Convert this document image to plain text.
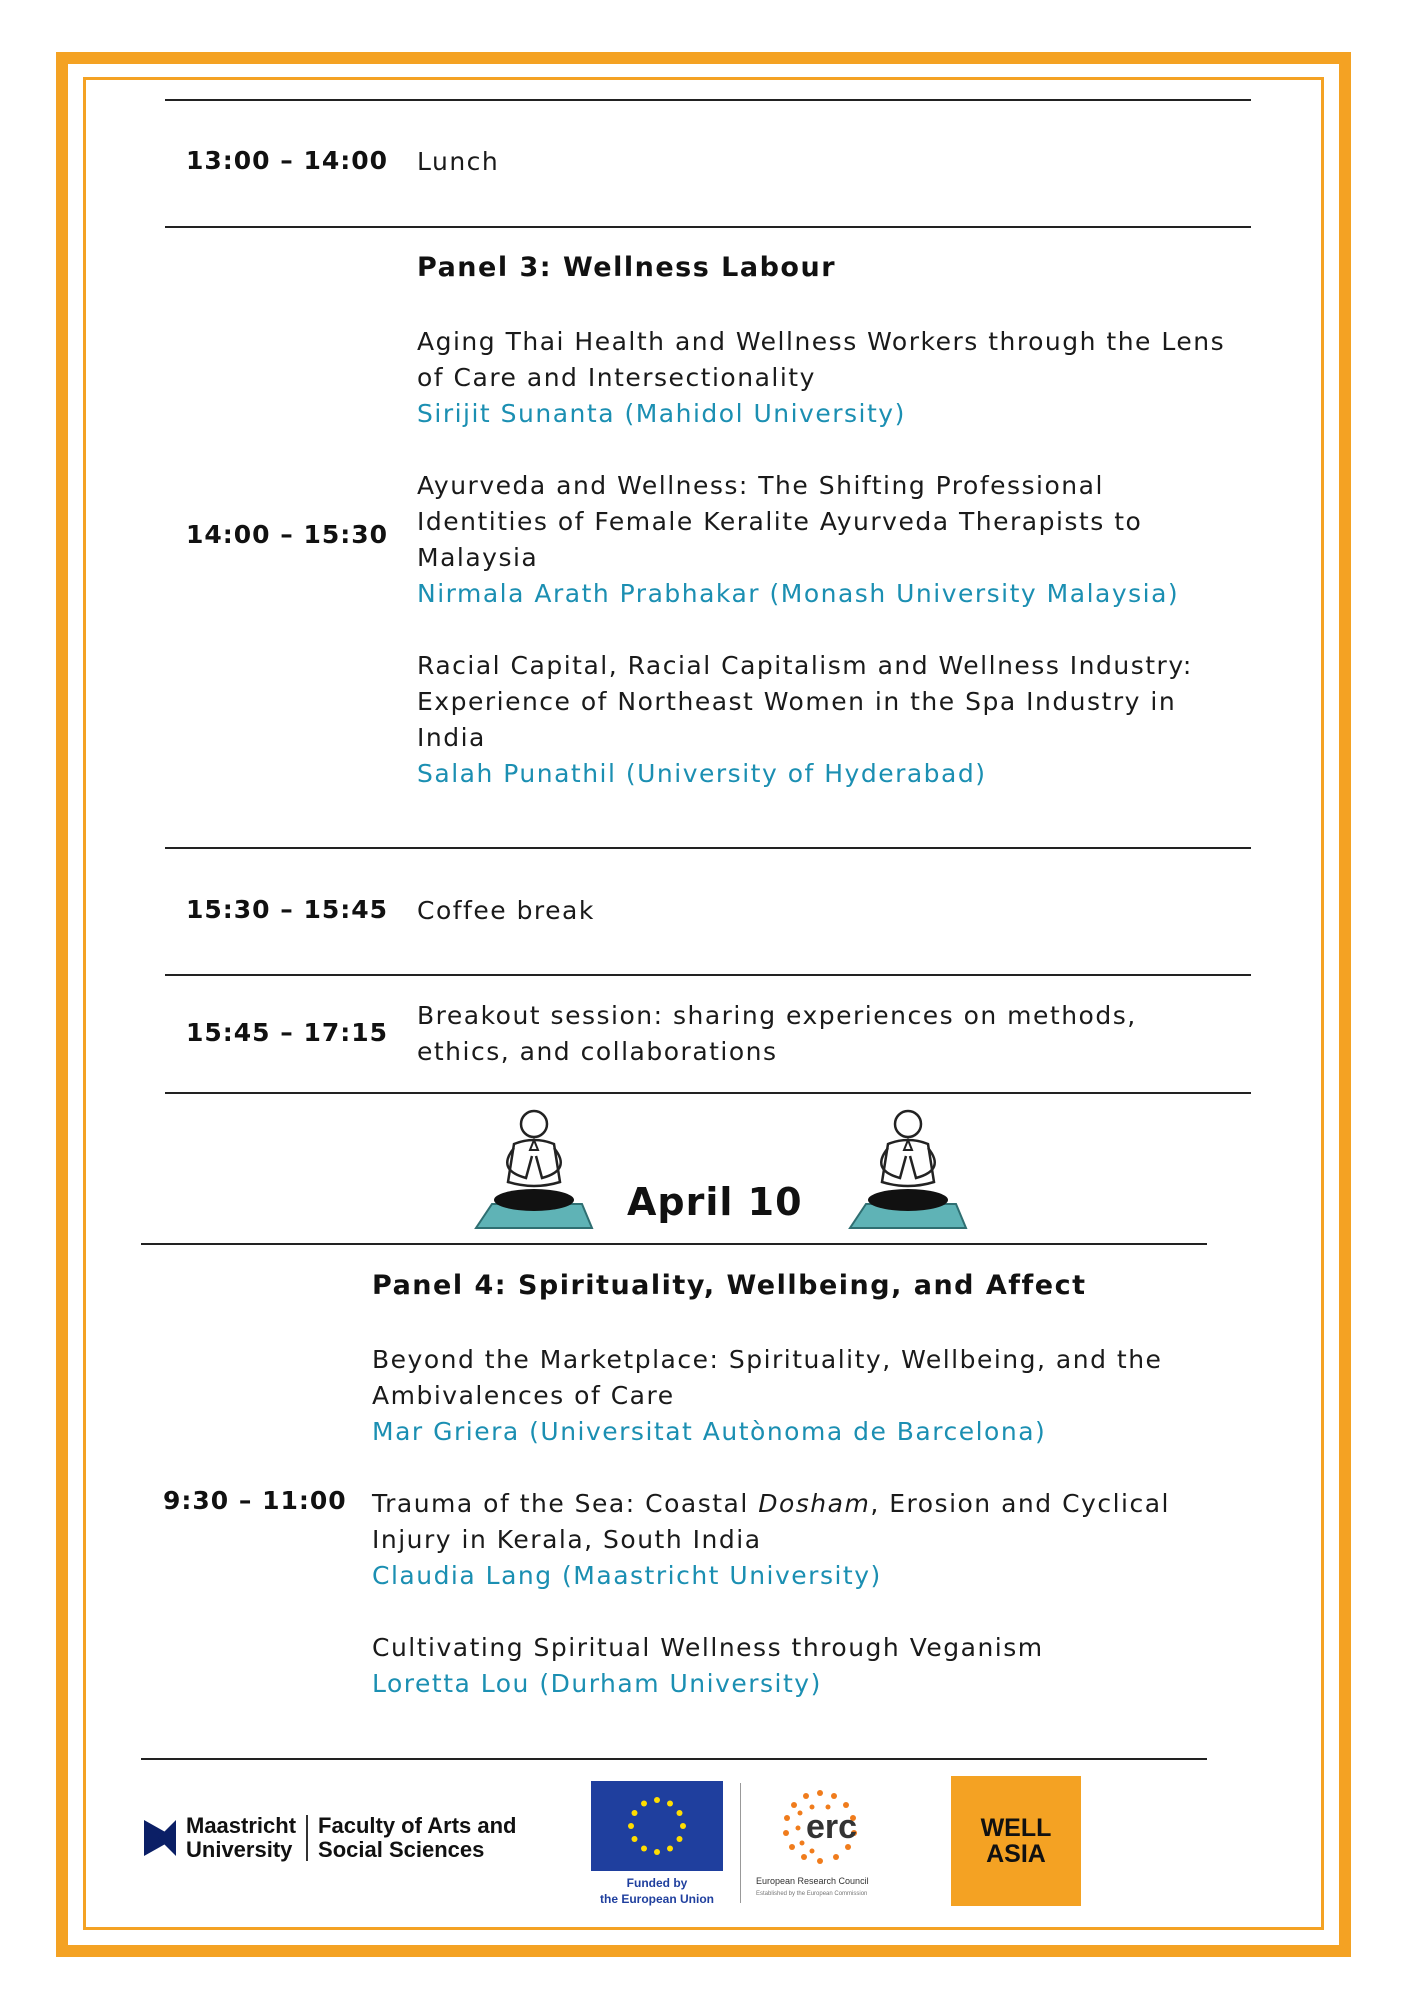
13:00 – 14:00 Lunch
Panel 3: Wellness Labour
14:00 – 15:30
Aging Thai Health and Wellness Workers through the Lens of Care and Intersectionality
Sirijit Sunanta (Mahidol University)
Ayurveda and Wellness: The Shifting Professional Identities of Female Keralite Ayurveda Therapists to Malaysia
Nirmala Arath Prabhakar (Monash University Malaysia)
Racial Capital, Racial Capitalism and Wellness Industry: Experience of Northeast Women in the Spa Industry in India
Salah Punathil (University of Hyderabad)
15:30 – 15:45 Coffee break
15:45 – 17:15
Breakout session: sharing experiences on methods, ethics, and collaborations
April 10
Panel 4: Spirituality, Wellbeing, and Affect
9:30 – 11:00
Beyond the Marketplace: Spirituality, Wellbeing, and the Ambivalences of Care
Mar Griera (Universitat Autònoma de Barcelona)
Trauma of the Sea: Coastal Dosham, Erosion and Cyclical Injury in Kerala, South India
Claudia Lang (Maastricht University)
Cultivating Spiritual Wellness through Veganism
Loretta Lou (Durham University)
Maastricht
University
Faculty of Arts and
Social Sciences
Funded by
the European Union
erc
European Research Council
Established by the European Commission
WELL
ASIA
